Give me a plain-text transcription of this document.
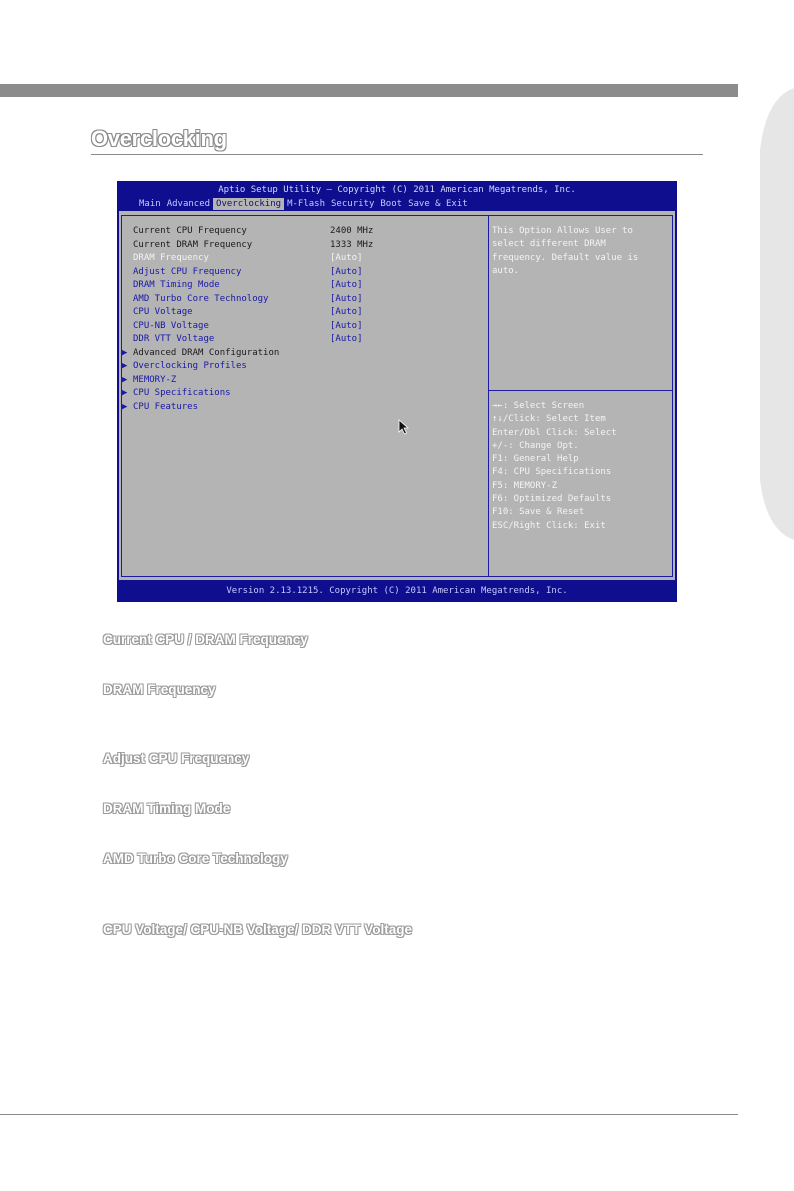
Overclocking
Aptio Setup Utility – Copyright (C) 2011 American Megatrends, Inc.
Main Advanced Overclocking M-Flash Security Boot Save & Exit
Current CPU Frequency	2400 MHz
Current DRAM Frequency	1333 MHz
DRAM Frequency	[Auto]
Adjust CPU Frequency	[Auto]
DRAM Timing Mode	[Auto]
AMD Turbo Core Technology	[Auto]
CPU Voltage	[Auto]
CPU-NB Voltage	[Auto]
DDR VTT Voltage	[Auto]
▶ Advanced DRAM Configuration
▶ Overclocking Profiles
▶ MEMORY-Z
▶ CPU Specifications
▶ CPU Features
This Option Allows User to
select different DRAM
frequency. Default value is
auto.
→←: Select Screen
↑↓/Click: Select Item
Enter/Dbl Click: Select
+/-: Change Opt.
F1: General Help
F4: CPU Specifications
F5: MEMORY-Z
F6: Optimized Defaults
F10: Save & Reset
ESC/Right Click: Exit
Version 2.13.1215. Copyright (C) 2011 American Megatrends, Inc.
Current CPU / DRAM Frequency
DRAM Frequency
Adjust CPU Frequency
DRAM Timing Mode
AMD Turbo Core Technology
CPU Voltage/ CPU-NB Voltage/ DDR VTT Voltage
